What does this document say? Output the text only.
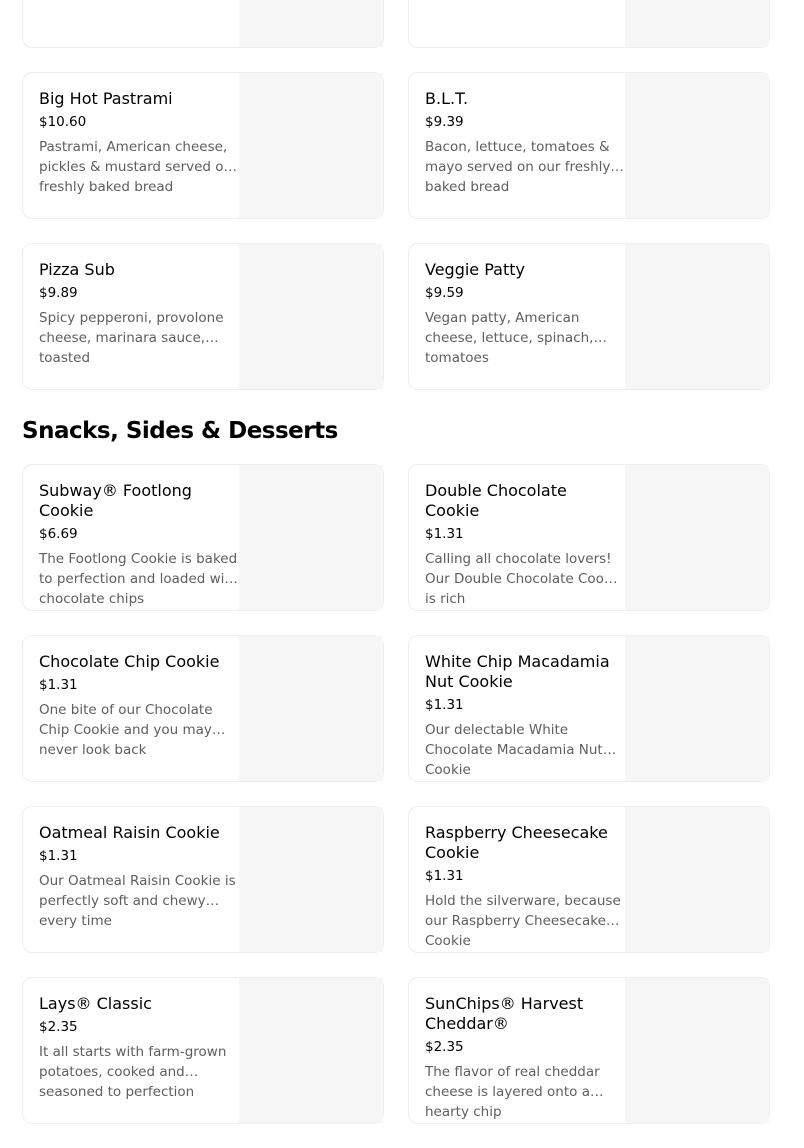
Big Hot Pastrami
$10.60
Pastrami, American cheese, pickles & mustard served on freshly baked bread
B.L.T.
$9.39
Bacon, lettuce, tomatoes & mayo served on our freshly baked bread
Pizza Sub
$9.89
Spicy pepperoni, provolone cheese, marinara sauce, toasted
Veggie Patty
$9.59
Vegan patty, American cheese, lettuce, spinach, tomatoes
Snacks, Sides & Desserts
Subway® Footlong Cookie
$6.69
The Footlong Cookie is baked to perfection and loaded with chocolate chips
Double Chocolate Cookie
$1.31
Calling all chocolate lovers! Our Double Chocolate Cookie is rich
Chocolate Chip Cookie
$1.31
One bite of our Chocolate Chip Cookie and you may never look back
White Chip Macadamia Nut Cookie
$1.31
Our delectable White Chocolate Macadamia Nut Cookie
Oatmeal Raisin Cookie
$1.31
Our Oatmeal Raisin Cookie is perfectly soft and chewy every time
Raspberry Cheesecake Cookie
$1.31
Hold the silverware, because our Raspberry Cheesecake Cookie
Lays® Classic
$2.35
It all starts with farm-grown potatoes, cooked and seasoned to perfection
SunChips® Harvest Cheddar®
$2.35
The flavor of real cheddar cheese is layered onto a hearty chip
